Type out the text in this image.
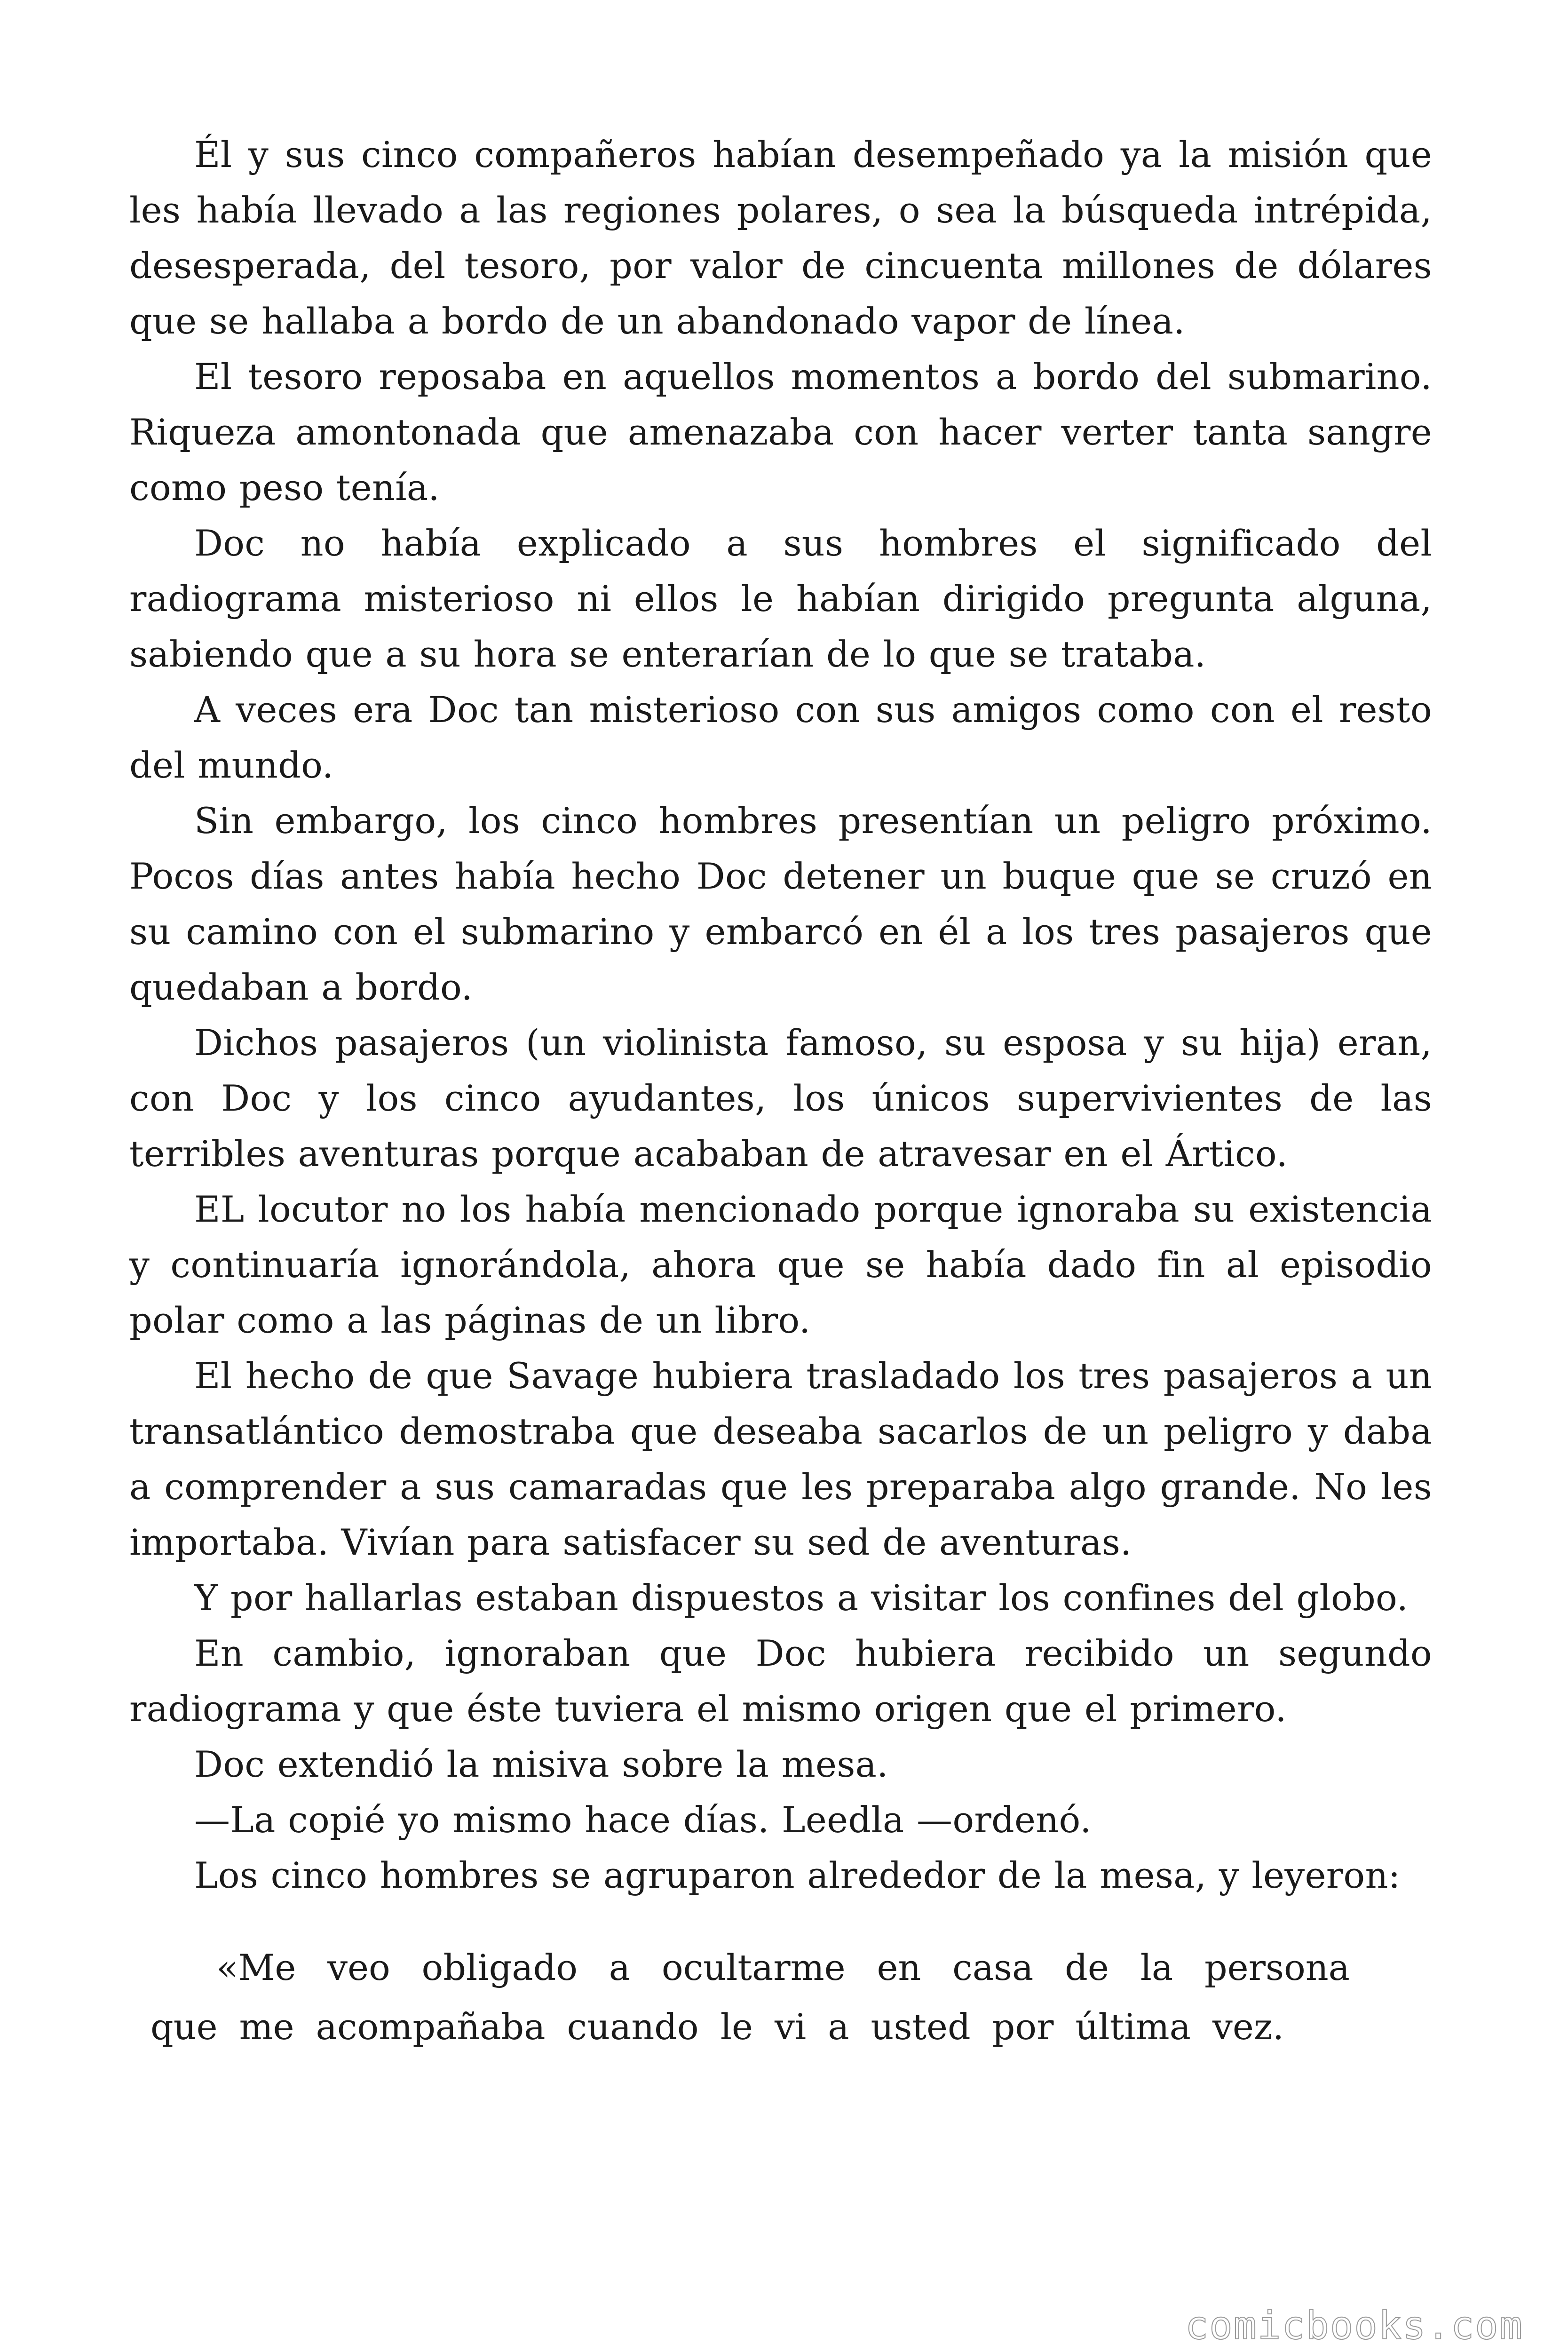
Él y sus cinco compañeros habían desempeñado ya la misión que les había llevado a las regiones polares, o sea la búsqueda intrépida, desesperada, del tesoro, por valor de cincuenta millones de dólares que se hallaba a bordo de un abandonado vapor de línea.

El tesoro reposaba en aquellos momentos a bordo del submarino. Riqueza amontonada que amenazaba con hacer verter tanta sangre como peso tenía.

Doc no había explicado a sus hombres el significado del radiograma misterioso ni ellos le habían dirigido pregunta alguna, sabiendo que a su hora se enterarían de lo que se trataba.

A veces era Doc tan misterioso con sus amigos como con el resto del mundo.

Sin embargo, los cinco hombres presentían un peligro próximo. Pocos días antes había hecho Doc detener un buque que se cruzó en su camino con el submarino y embarcó en él a los tres pasajeros que quedaban a bordo.

Dichos pasajeros (un violinista famoso, su esposa y su hija) eran, con Doc y los cinco ayudantes, los únicos supervivientes de las terribles aventuras porque acababan de atravesar en el Ártico.

EL locutor no los había mencionado porque ignoraba su existencia y continuaría ignorándola, ahora que se había dado fin al episodio polar como a las páginas de un libro.

El hecho de que Savage hubiera trasladado los tres pasajeros a un transatlántico demostraba que deseaba sacarlos de un peligro y daba a comprender a sus camaradas que les preparaba algo grande. No les importaba. Vivían para satisfacer su sed de aventuras.

Y por hallarlas estaban dispuestos a visitar los confines del globo.

En cambio, ignoraban que Doc hubiera recibido un segundo radiograma y que éste tuviera el mismo origen que el primero.

Doc extendió la misiva sobre la mesa.

—La copié yo mismo hace días. Leedla —ordenó.

Los cinco hombres se agruparon alrededor de la mesa, y leyeron:

«Me veo obligado a ocultarme en casa de la persona
que me acompañaba cuando le vi a usted por última vez.
comicbooks.com
